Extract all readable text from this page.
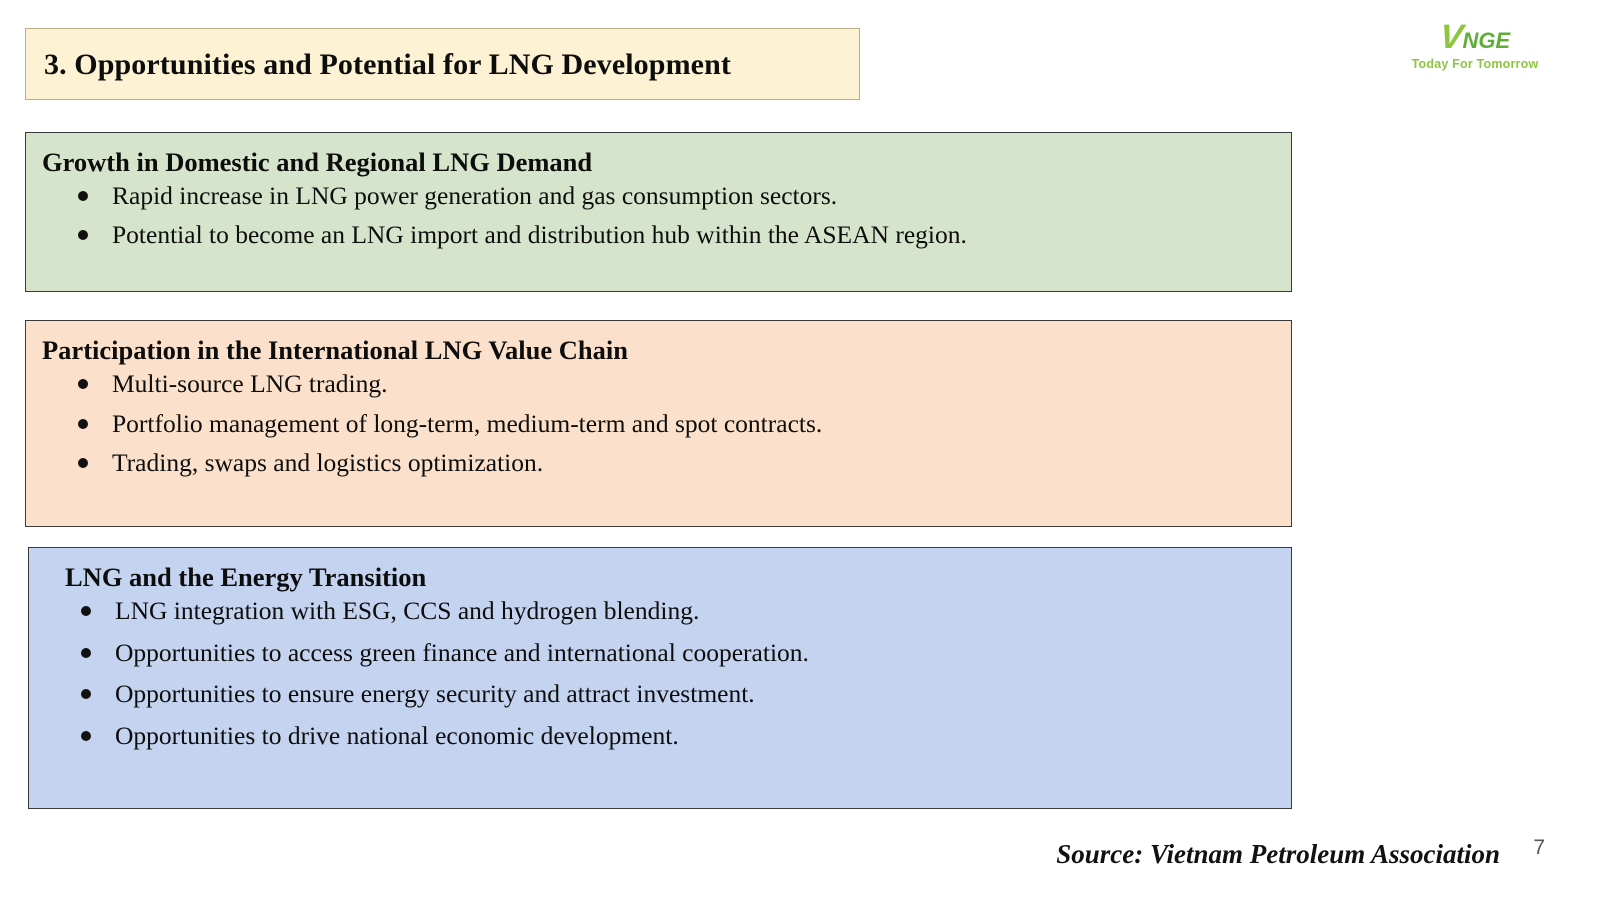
3. Opportunities and Potential for LNG Development
V NGE
Today For Tomorrow
Growth in Domestic and Regional LNG Demand
Rapid increase in LNG power generation and gas consumption sectors.
Potential to become an LNG import and distribution hub within the ASEAN region.
Participation in the International LNG Value Chain
Multi-source LNG trading.
Portfolio management of long-term, medium-term and spot contracts.
Trading, swaps and logistics optimization.
LNG and the Energy Transition
LNG integration with ESG, CCS and hydrogen blending.
Opportunities to access green finance and international cooperation.
Opportunities to ensure energy security and attract investment.
Opportunities to drive national economic development.
Source: Vietnam Petroleum Association 7
